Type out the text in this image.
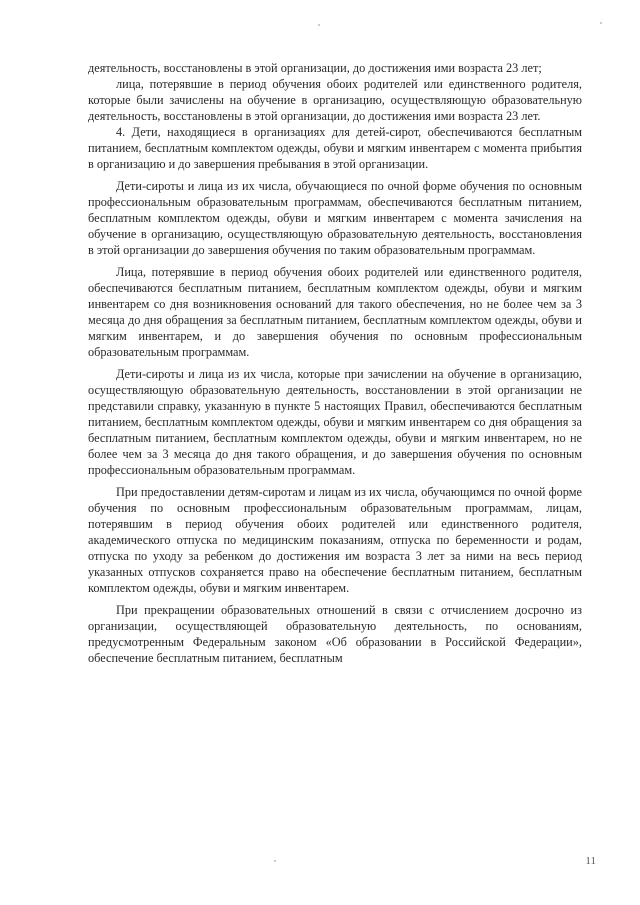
деятельность, восстановлены в этой организации, до достижения ими возраста 23 лет;

лица, потерявшие в период обучения обоих родителей или единственного родителя, которые были зачислены на обучение в организацию, осуществляющую образовательную деятельность, восстановлены в этой организации, до достижения ими возраста 23 лет.

4. Дети, находящиеся в организациях для детей-сирот, обеспечиваются бесплатным питанием, бесплатным комплектом одежды, обуви и мягким инвентарем с момента прибытия в организацию и до завершения пребывания в этой организации.

Дети-сироты и лица из их числа, обучающиеся по очной форме обучения по основным профессиональным образовательным программам, обеспечиваются бесплатным питанием, бесплатным комплектом одежды, обуви и мягким инвентарем с момента зачисления на обучение в организацию, осуществляющую образовательную деятельность, восстановления в этой организации до завершения обучения по таким образовательным программам.

Лица, потерявшие в период обучения обоих родителей или единственного родителя, обеспечиваются бесплатным питанием, бесплатным комплектом одежды, обуви и мягким инвентарем со дня возникновения оснований для такого обеспечения, но не более чем за 3 месяца до дня обращения за бесплатным питанием, бесплатным комплектом одежды, обуви и мягким инвентарем, и до завершения обучения по основным профессиональным образовательным программам.

Дети-сироты и лица из их числа, которые при зачислении на обучение в организацию, осуществляющую образовательную деятельность, восстановлении в этой организации не представили справку, указанную в пункте 5 настоящих Правил, обеспечиваются бесплатным питанием, бесплатным комплектом одежды, обуви и мягким инвентарем со дня обращения за бесплатным питанием, бесплатным комплектом одежды, обуви и мягким инвентарем, но не более чем за 3 месяца до дня такого обращения, и до завершения обучения по основным профессиональным образовательным программам.

При предоставлении детям-сиротам и лицам из их числа, обучающимся по очной форме обучения по основным профессиональным образовательным программам, лицам, потерявшим в период обучения обоих родителей или единственного родителя, академического отпуска по медицинским показаниям, отпуска по беременности и родам, отпуска по уходу за ребенком до достижения им возраста 3 лет за ними на весь период указанных отпусков сохраняется право на обеспечение бесплатным питанием, бесплатным комплектом одежды, обуви и мягким инвентарем.

При прекращении образовательных отношений в связи с отчислением досрочно из организации, осуществляющей образовательную деятельность, по основаниям, предусмотренным Федеральным законом «Об образовании в Российской Федерации», обеспечение бесплатным питанием, бесплатным

11
